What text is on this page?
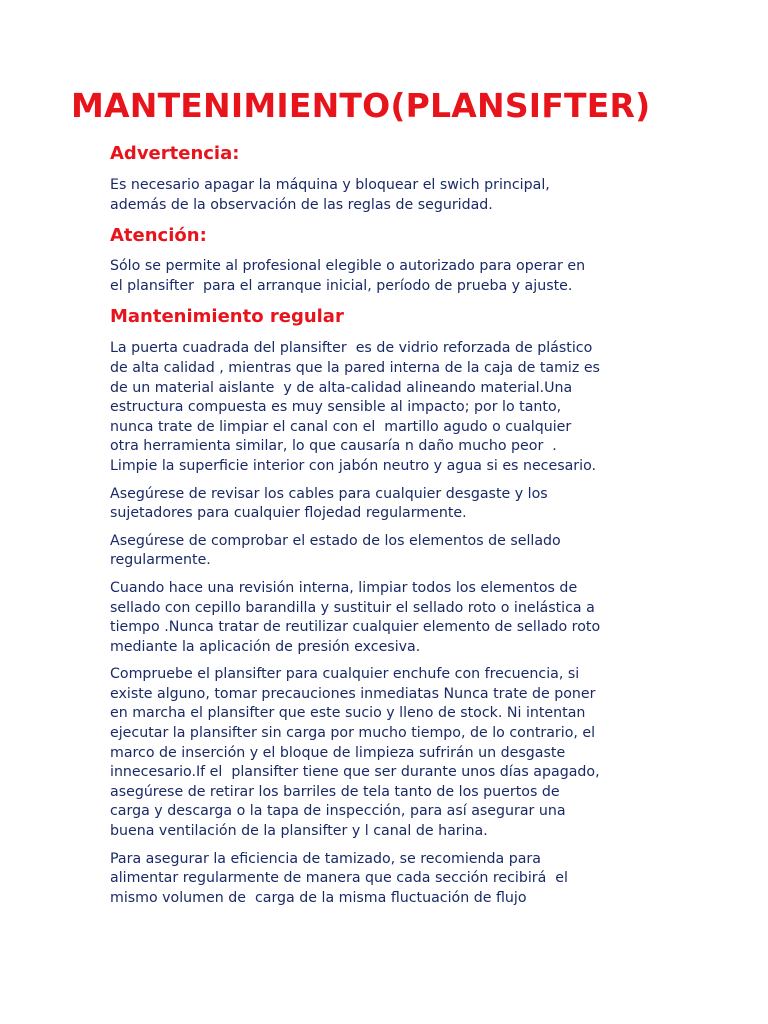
MANTENIMIENTO(PLANSIFTER)
Advertencia:

Es necesario apagar la máquina y bloquear el swich principal,
además de la observación de las reglas de seguridad.

Atención:

Sólo se permite al profesional elegible o autorizado para operar en
el plansifter  para el arranque inicial, período de prueba y ajuste.

Mantenimiento regular

La puerta cuadrada del plansifter  es de vidrio reforzada de plástico
de alta calidad , mientras que la pared interna de la caja de tamiz es
de un material aislante  y de alta-calidad alineando material.Una
estructura compuesta es muy sensible al impacto; por lo tanto,
nunca trate de limpiar el canal con el  martillo agudo o cualquier
otra herramienta similar, lo que causaría n daño mucho peor  .
Limpie la superficie interior con jabón neutro y agua si es necesario.

Asegúrese de revisar los cables para cualquier desgaste y los
sujetadores para cualquier flojedad regularmente.

Asegúrese de comprobar el estado de los elementos de sellado
regularmente.

Cuando hace una revisión interna, limpiar todos los elementos de
sellado con cepillo barandilla y sustituir el sellado roto o inelástica a
tiempo .Nunca tratar de reutilizar cualquier elemento de sellado roto
mediante la aplicación de presión excesiva.

Compruebe el plansifter para cualquier enchufe con frecuencia, si
existe alguno, tomar precauciones inmediatas Nunca trate de poner
en marcha el plansifter que este sucio y lleno de stock. Ni intentan
ejecutar la plansifter sin carga por mucho tiempo, de lo contrario, el
marco de inserción y el bloque de limpieza sufrirán un desgaste
innecesario.If el  plansifter tiene que ser durante unos días apagado,
asegúrese de retirar los barriles de tela tanto de los puertos de
carga y descarga o la tapa de inspección, para así asegurar una
buena ventilación de la plansifter y l canal de harina.

Para asegurar la eficiencia de tamizado, se recomienda para
alimentar regularmente de manera que cada sección recibirá  el
mismo volumen de  carga de la misma fluctuación de flujo
